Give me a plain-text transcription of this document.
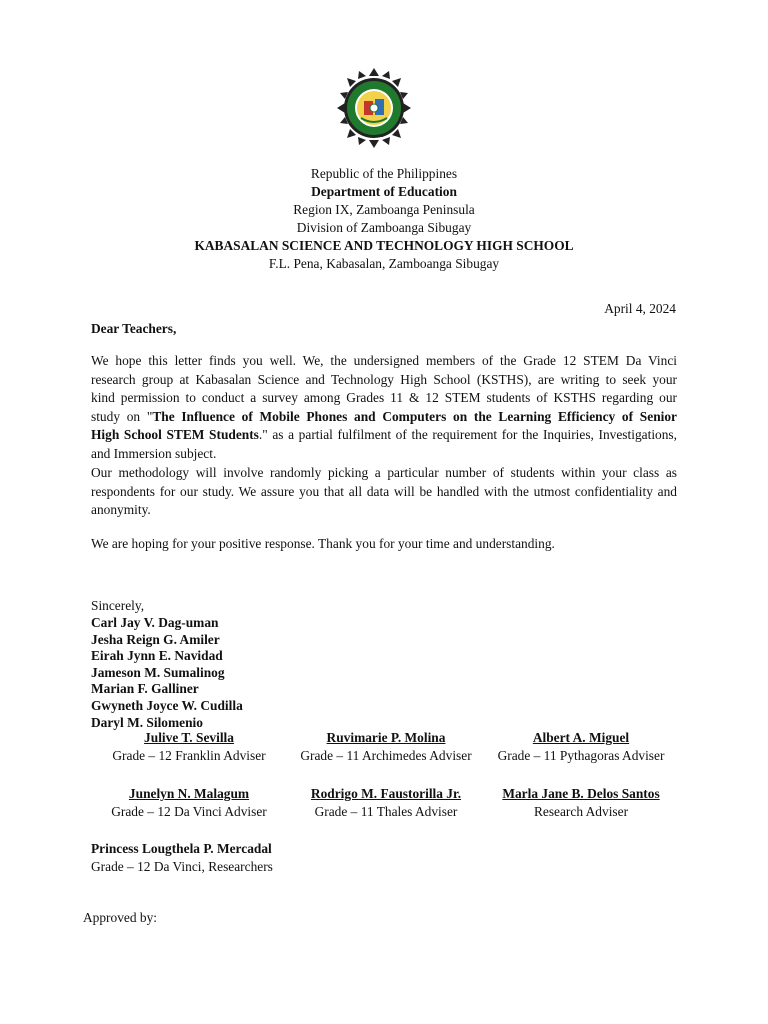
Republic of the Philippines
Department of Education
Region IX, Zamboanga Peninsula
Division of Zamboanga Sibugay
KABASALAN SCIENCE AND TECHNOLOGY HIGH SCHOOL
F.L. Pena, Kabasalan, Zamboanga Sibugay
April 4, 2024
Dear Teachers,
We hope this letter finds you well. We, the undersigned members of the Grade 12 STEM Da Vinci
research group at Kabasalan Science and Technology High School (KSTHS), are writing to seek your
kind permission to conduct a survey among Grades 11 & 12 STEM students of KSTHS regarding our
study on "The Influence of Mobile Phones and Computers on the Learning Efficiency of Senior
High School STEM Students." as a partial fulfilment of the requirement for the Inquiries, Investigations,
and Immersion subject.
Our methodology will involve randomly picking a particular number of students within your class as
respondents for our study. We assure you that all data will be handled with the utmost confidentiality and
anonymity.
We are hoping for your positive response. Thank you for your time and understanding.
Sincerely,
Carl Jay V. Dag-uman
Jesha Reign G. Amiler
Eirah Jynn E. Navidad
Jameson M. Sumalinog
Marian F. Galliner
Gwyneth Joyce W. Cudilla
Daryl M. Silomenio
Julive T. Sevilla
Grade – 12 Franklin Adviser
Ruvimarie P. Molina
Grade – 11 Archimedes Adviser
Albert A. Miguel
Grade – 11 Pythagoras Adviser
Junelyn N. Malagum
Grade – 12 Da Vinci Adviser
Rodrigo M. Faustorilla Jr.
Grade – 11 Thales Adviser
Marla Jane B. Delos Santos
Research Adviser
Princess Lougthela P. Mercadal
Grade – 12 Da Vinci, Researchers
Approved by:
